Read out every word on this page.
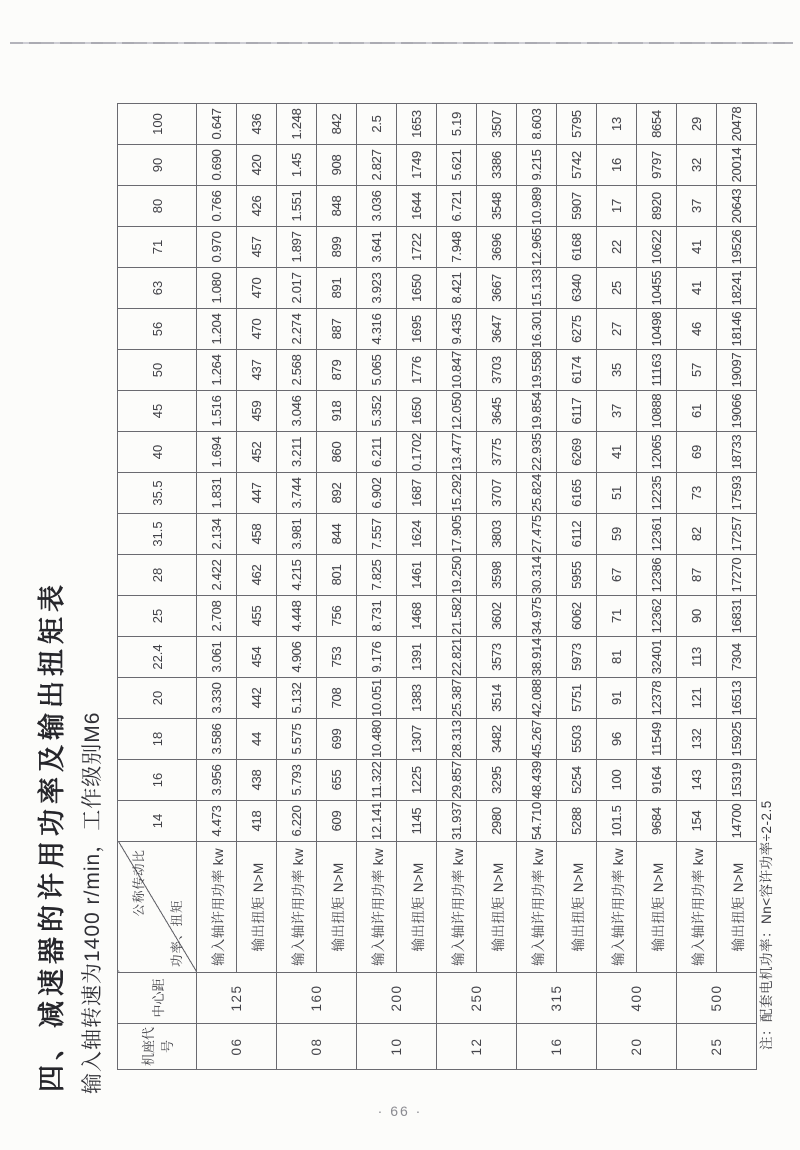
四、减速器的许用功率及输出扭矩表 输入轴转速为1400 r/min，工作级别M6	机座代号	中心距	公称传动比
功率、扭矩	14	16	18	20	22.4	25	28	31.5	35.5	40	45	50	56	63	71	80	90	100
06	125	输入轴许用功率 kw	4.473	3.956	3.586	3.330	3.061	2.708	2.422	2.134	1.831	1.694	1.516	1.264	1.204	1.080	0.970	0.766	0.690	0.647
		输出扭矩 N>M	418	438	44	442	454	455	462	458	447	452	459	437	470	470	457	426	420	436
08	160	输入轴许用功率 kw	6.220	5.793	5.575	5.132	4.906	4.448	4.215	3.981	3.744	3.211	3.046	2.568	2.274	2.017	1.897	1.551	1.45	1.248
		输出扭矩 N>M	609	655	699	708	753	756	801	844	892	860	918	879	887	891	899	848	908	842
10	200	输入轴许用功率 kw	12.141	11.322	10.480	10.051	9.176	8.731	7.825	7.557	6.902	6.211	5.352	5.065	4.316	3.923	3.641	3.036	2.827	2.5
		输出扭矩 N>M	1145	1225	1307	1383	1391	1468	1461	1624	1687	0.1702	1650	1776	1695	1650	1722	1644	1749	1653
12	250	输入轴许用功率 kw	31.937	29.857	28.313	25.387	22.821	21.582	19.250	17.905	15.292	13.477	12.050	10.847	9.435	8.421	7.948	6.721	5.621	5.19
		输出扭矩 N>M	2980	3295	3482	3514	3573	3602	3598	3803	3707	3775	3645	3703	3647	3667	3696	3548	3386	3507
16	315	输入轴许用功率 kw	54.710	48.439	45.267	42.088	38.914	34.975	30.314	27.475	25.824	22.935	19.854	19.558	16.301	15.133	12.965	10.989	9.215	8.603
		输出扭矩 N>M	5288	5254	5503	5751	5973	6062	5955	6112	6165	6269	6117	6174	6275	6340	6168	5907	5742	5795
20	400	输入轴许用功率 kw	101.5	100	96	91	81	71	67	59	51	41	37	35	27	25	22	17	16	13
		输出扭矩 N>M	9684	9164	11549	12378	32401	12362	12386	12361	12235	12065	10888	11163	10498	10455	10622	8920	9797	8654
25	500	输入轴许用功率 kw	154	143	132	121	113	90	87	82	73	69	61	57	46	41	41	37	32	29
		输出扭矩 N>M	14700	15319	15925	16513	7304	16831	17270	17257	17593	18733	19066	19097	18146	18241	19526	20643	20014	20478
注：配套电机功率：Nn<容许功率÷2-2.5
· 66 ·
